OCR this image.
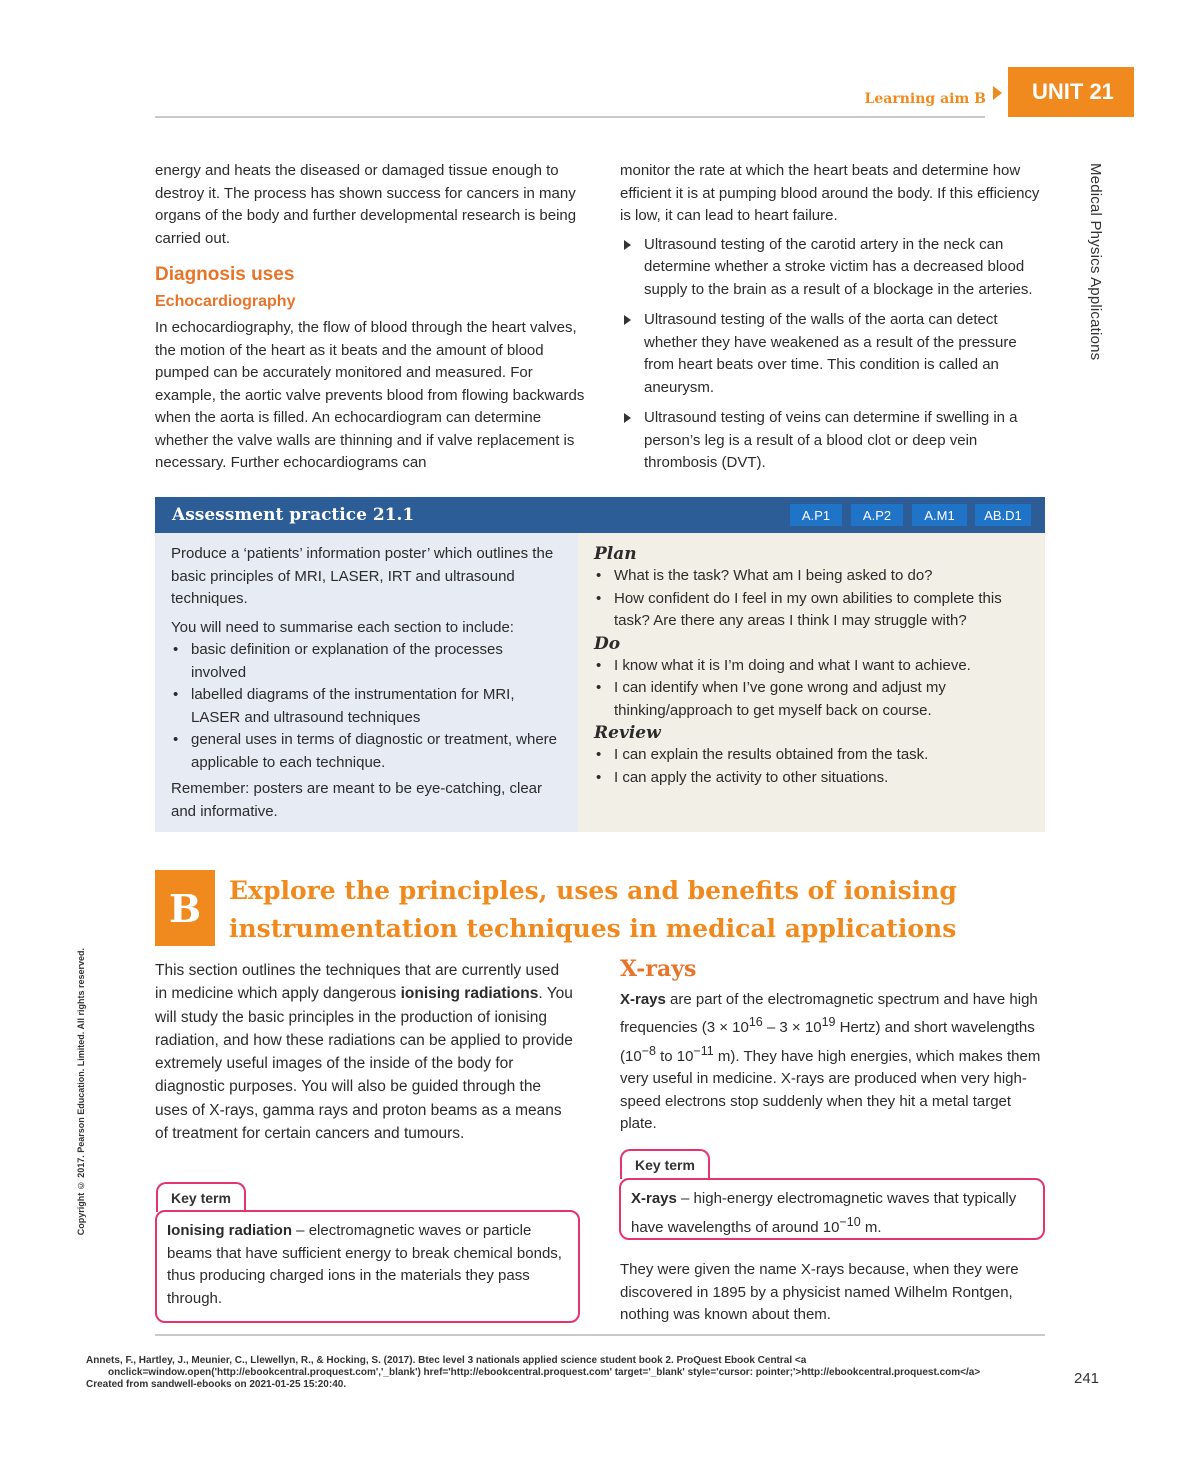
Learning aim B	UNIT 21
Medical Physics Applications
Copyright © 2017. Pearson Education. Limited. All rights reserved.

energy and heats the diseased or damaged tissue enough to destroy it. The process has shown success for cancers in many organs of the body and further developmental research is being carried out.

Diagnosis uses
Echocardiography

In echocardiography, the flow of blood through the heart valves, the motion of the heart as it beats and the amount of blood pumped can be accurately monitored and measured. For example, the aortic valve prevents blood from flowing backwards when the aorta is filled. An echocardiogram can determine whether the valve walls are thinning and if valve replacement is necessary. Further echocardiograms can

monitor the rate at which the heart beats and determine how efficient it is at pumping blood around the body. If this efficiency is low, it can lead to heart failure.

Ultrasound testing of the carotid artery in the neck can determine whether a stroke victim has a decreased blood supply to the brain as a result of a blockage in the arteries.
Ultrasound testing of the walls of the aorta can detect whether they have weakened as a result of the pressure from heart beats over time. This condition is called an aneurysm.
Ultrasound testing of veins can determine if swelling in a person’s leg is a result of a blood clot or deep vein thrombosis (DVT).
Assessment practice 21.1	A.P1	A.P2	A.M1	AB.D1

Produce a ‘patients’ information poster’ which outlines the basic principles of MRI, LASER, IRT and ultrasound techniques.

You will need to summarise each section to include:

• basic definition or explanation of the processes involved
• labelled diagrams of the instrumentation for MRI, LASER and ultrasound techniques
• general uses in terms of diagnostic or treatment, where applicable to each technique.

Remember: posters are meant to be eye-catching, clear and informative.

Plan
• What is the task? What am I being asked to do?
• How confident do I feel in my own abilities to complete this task? Are there any areas I think I may struggle with?
Do
• I know what it is I’m doing and what I want to achieve.
• I can identify when I’ve gone wrong and adjust my thinking/approach to get myself back on course.
Review
• I can explain the results obtained from the task.
• I can apply the activity to other situations.
B	Explore the principles, uses and benefits of ionising instrumentation techniques in medical applications

This section outlines the techniques that are currently used in medicine which apply dangerous ionising radiations. You will study the basic principles in the production of ionising radiation, and how these radiations can be applied to provide extremely useful images of the inside of the body for diagnostic purposes. You will also be guided through the uses of X-rays, gamma rays and proton beams as a means of treatment for certain cancers and tumours.

Key term
Ionising radiation – electromagnetic waves or particle beams that have sufficient energy to break chemical bonds, thus producing charged ions in the materials they pass through.
X-rays

X-rays are part of the electromagnetic spectrum and have high frequencies ($3 \times 10^{16} - 3 \times 10^{19}$ Hertz) and short wavelengths ($10^{-8}$ to $10^{-11}$ m). They have high energies, which makes them very useful in medicine. X-rays are produced when very high-speed electrons stop suddenly when they hit a metal target plate.

Key term
X-rays – high-energy electromagnetic waves that typically have wavelengths of around $10^{-10}$ m.

They were given the name X-rays because, when they were discovered in 1895 by a physicist named Wilhelm Rontgen, nothing was known about them.

Annets, F., Hartley, J., Meunier, C., Llewellyn, R., & Hocking, S. (2017). Btec level 3 nationals applied science student book 2. ProQuest Ebook Central <a
onclick=window.open('http://ebookcentral.proquest.com','_blank') href='http://ebookcentral.proquest.com' target='_blank' style='cursor: pointer;'>http://ebookcentral.proquest.com</a>
Created from sandwell-ebooks on 2021-01-25 15:20:40.	241
